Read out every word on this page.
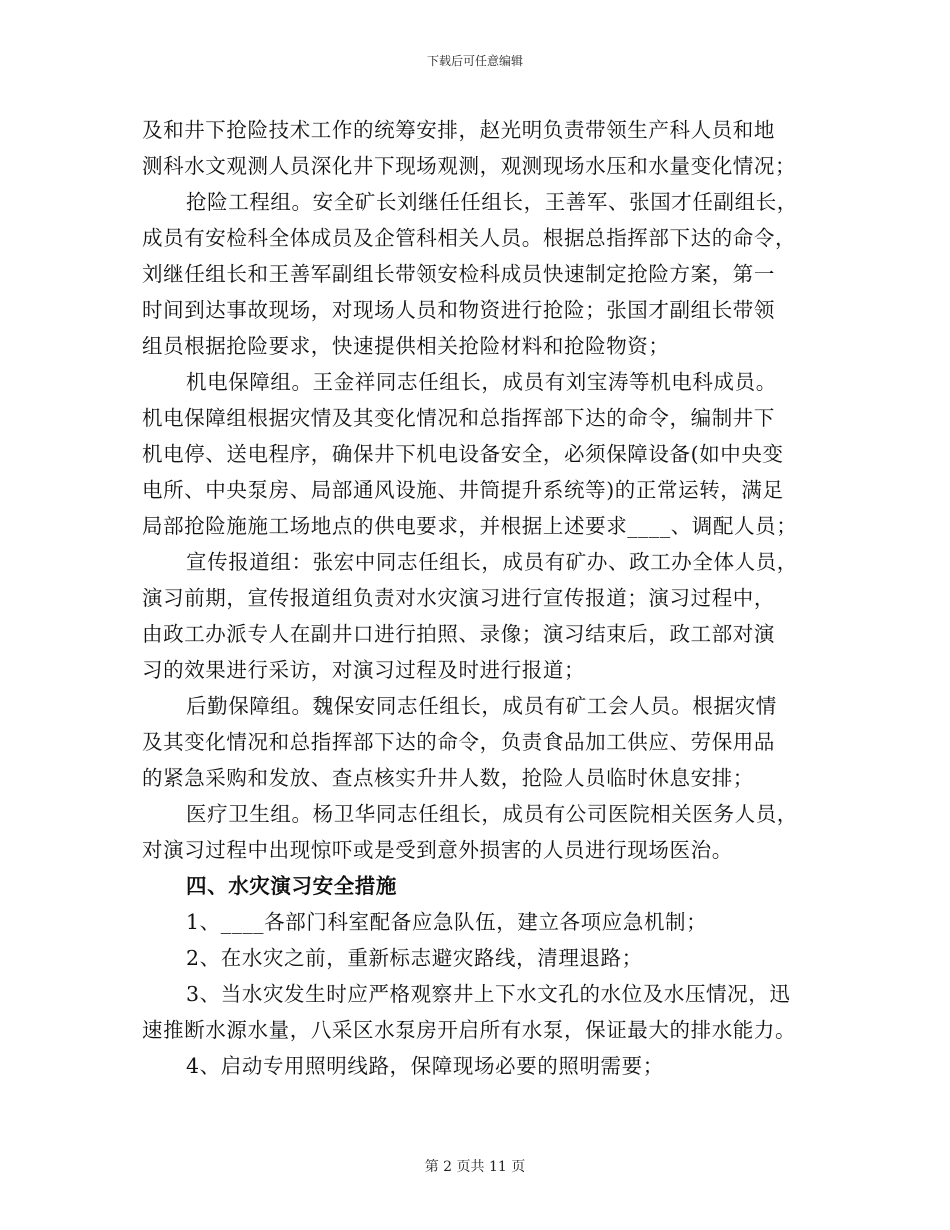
下载后可任意编辑
及和井下抢险技术工作的统筹安排，赵光明负责带领生产科人员和地
测科水文观测人员深化井下现场观测，观测现场水压和水量变化情况；
抢险工程组。安全矿长刘继任任组长，王善军、张国才任副组长，
成员有安检科全体成员及企管科相关人员。根据总指挥部下达的命令，
刘继任组长和王善军副组长带领安检科成员快速制定抢险方案，第一
时间到达事故现场，对现场人员和物资进行抢险；张国才副组长带领
组员根据抢险要求，快速提供相关抢险材料和抢险物资；
机电保障组。王金祥同志任组长，成员有刘宝涛等机电科成员。
机电保障组根据灾情及其变化情况和总指挥部下达的命令，编制井下
机电停、送电程序，确保井下机电设备安全，必须保障设备(如中央变
电所、中央泵房、局部通风设施、井筒提升系统等)的正常运转，满足
局部抢险施施工场地点的供电要求，并根据上述要求____、调配人员；
宣传报道组：张宏中同志任组长，成员有矿办、政工办全体人员，
演习前期，宣传报道组负责对水灾演习进行宣传报道；演习过程中，
由政工办派专人在副井口进行拍照、录像；演习结束后，政工部对演
习的效果进行采访，对演习过程及时进行报道；
后勤保障组。魏保安同志任组长，成员有矿工会人员。根据灾情
及其变化情况和总指挥部下达的命令，负责食品加工供应、劳保用品
的紧急采购和发放、查点核实升井人数，抢险人员临时休息安排；
医疗卫生组。杨卫华同志任组长，成员有公司医院相关医务人员，
对演习过程中出现惊吓或是受到意外损害的人员进行现场医治。
四、水灾演习安全措施
1、____各部门科室配备应急队伍，建立各项应急机制；
2、在水灾之前，重新标志避灾路线，清理退路；
3、当水灾发生时应严格观察井上下水文孔的水位及水压情况，迅
速推断水源水量，八采区水泵房开启所有水泵，保证最大的排水能力。
4、启动专用照明线路，保障现场必要的照明需要；
第 2 页共 11 页
